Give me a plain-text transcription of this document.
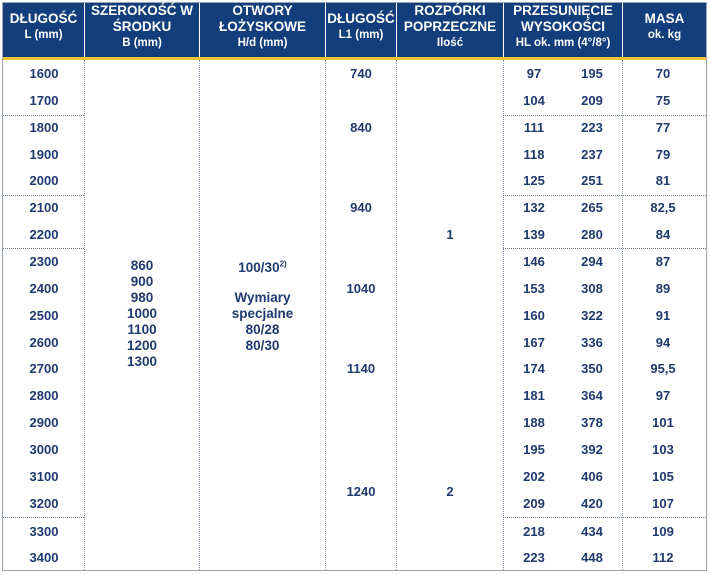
DŁUGOŚĆ
L (mm)
SZEROKOŚĆ W
ŚRODKU
B (mm)
OTWORY
ŁOŻYSKOWE
H/d (mm)
DŁUGOŚĆ
L1 (mm)
ROZPÓRKI
POPRZECZNE
Ilość
PRZESUNIĘCIE
WYSOKOŚCI
HL ok. mm (4°/8°)
MASA
ok. kg
1600
1700
1800
1900
2000
2100
2200
2300
2400
2500
2600
2700
2800
2900
3000
3100
3200
3300
3400
97
104
111
118
125
132
139
146
153
160
167
174
181
188
195
202
209
218
223
195
209
223
237
251
265
280
294
308
322
336
350
364
378
392
406
420
434
448
70
75
77
79
81
82,5
84
87
89
91
94
95,5
97
101
103
105
107
109
112
740
840
940
1040
1140
1240
1
2
860
900
980
1000
1100
1200
1300
100/30$^{2)}$
Wymiary
specjalne
80/28
80/30
